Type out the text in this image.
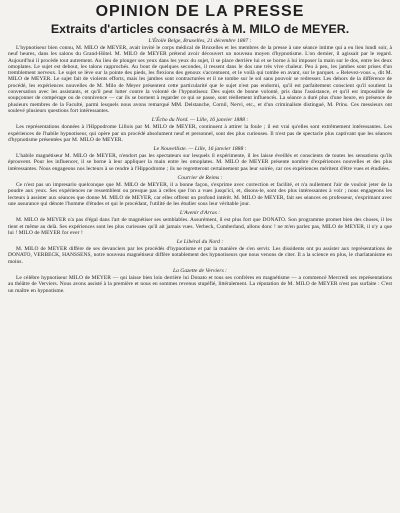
OPINION DE LA PRESSE
Extraits d'articles consacrés à M. MILO de MEYER.

L'Étoile Belge, Bruxelles, 21 décembre 1887 :

L'hypnotiseur bien connu, M. MILO de MEYER, avait invité le corps médical de Bruxelles et les membres de la presse à une séance intime qui a eu lieu lundi soir, à neuf heures, dans les salons du Grand-Hôtel. M. MILO de MEYER prétend avoir découvert un nouveau moyen d'hypnotisme. L'on dernier, il agissait par le regard. Aujourd'hui il procède tout autrement. Au lieu de plonger ses yeux dans les yeux du sujet, il se place derrière lui et se borne à lui imposer la main sur le dos, entre les deux omoplates. Le sujet est debout, les talons rapprochés. Au bout de quelques secondes, il ressent dans le dos une très vive chaleur. Peu à peu, les jambes sont prises d'un tremblement nerveux. Le sujet se lève sur la pointe des pieds, les flexions des genoux s'accentuent, et le voilà qui tombe en avant, sur le parquet. « Relevez-vous », dit M. MILO de MEYER. Le sujet fait de violents efforts, mais les jambes sont contracturées et il ne tombe sur le sol sans pouvoir se redresser. Les dehors de la différence de procédé, les expériences nouvelles de M. Milo de Meyer présentent cette particularité que le sujet n'est pas endormi, qu'il est parfaitement conscient qu'il soutient la conversation avec les assistants, et qu'il peut lutter contre la volonté de l'hypnotiseur. Des sujets de bonne volonté, pris dans l'assistance, et qu'il est impossible de soupçonner de compérage ou de connivence — car ils se bornent à regarder ce qui se passe, sont réellement influencés. La séance a duré plus d'une heure, en présence de plusieurs membres de la Faculté, parmi lesquels nous avons remarqué MM. Delstanche, Cornil, Nervi, etc., et d'un criminaliste distingué, M. Prins. Ces messieurs ont soulevé plusieurs questions fort intéressantes.

L'Écho du Nord. — Lille, 16 janvier 1888 :

Les représentations données à l'Hippodrome Lillois par M. MILO de MEYER, continuent à attirer la foule ; il est vrai qu'elles sont extrêmement intéressantes. Les expériences de l'habile hypnotiseur, qui opère par un procédé absolument neuf et personnel, sont des plus curieuses. Il n'est pas de spectacle plus captivant que les séances d'hypnotisme présentées par M. MILO de MEYER.

Le Nouvelliste. — Lille, 16 janvier 1888 :

L'habile magnétiseur M. MILO de MEYER, n'endort pas les spectateurs sur lesquels il expérimente, il les laisse éveillés et conscients de toutes les sensations qu'ils éprouvent. Pour les influencer, il se borne à leur appliquer la main entre les omoplates. M. MILO de MEYER présente nombre d'expériences nouvelles et des plus intéressantes. Nous engageons nos lecteurs à se rendre à l'Hippodrome ; ils ne regretteront certainement pas leur soirée, car ces expériences méritent d'être vues et étudiées.

Courrier de Reims :

Ce n'est pas un impresario quelconque que M. MILO de MEYER, il a bonne façon, s'exprime avec correction et facilité, et n'a nullement l'air de vouloir jeter de la poudre aux yeux. Ses expériences ne ressemblent ou presque pas à celles que l'on a vues jusqu'ici, et, disons-le, sont des plus intéressantes à voir ; nous engageons les lecteurs à assister aux séances que donne M. MILO de MEYER, car elles offrent un profond intérêt. M. MILO de MEYER, fait ses séances en professeur, s'exprimant avec une assurance qui dénote l'homme d'études et qui le procédant, l'utilité de les étudier sous leur véritable jour.

L'Avenir d'Arras :

M. MILO de MEYER n'a pas d'égal dans l'art de magnétiser ses semblables. Assurément, il est plus fort que DONATO. Son programme promet bien des choses, il les tient et même au delà. Ses expériences sont les plus curieuses qu'il ait jamais vues. Verbeck, Cumberland, allons donc ! ne m'en parlez pas, MILO de MEYER, il n'y a que lui ! MILO de MEYER for ever !

Le Libéral du Nord :

M. MILO de MEYER diffère de ses devanciers par les procédés d'hypnotisme et par la manière de s'en servir. Les dissidents ont pu assister aux représentations de DONATO, VERBECK, HANSSENS, notre nouveau magnétiseur diffère notablement des hypnotiseurs que nous venons de citer. Il a la science en plus, le charlatanisme en moins.

La Gazette de Verviers :

Le célèbre hypnotiseur MILO de MEYER — qui laisse bien loin derrière lui Donato et tous ses confrères en magnétisme — a commencé Mercredi ses représentations au théâtre de Verviers. Nous avons assisté à la première et nous en sommes revenus stupéfié, littéralement. La réputation de M. MILO de MEYER n'est pas surfaite : C'est un maître en hypnotisme.
